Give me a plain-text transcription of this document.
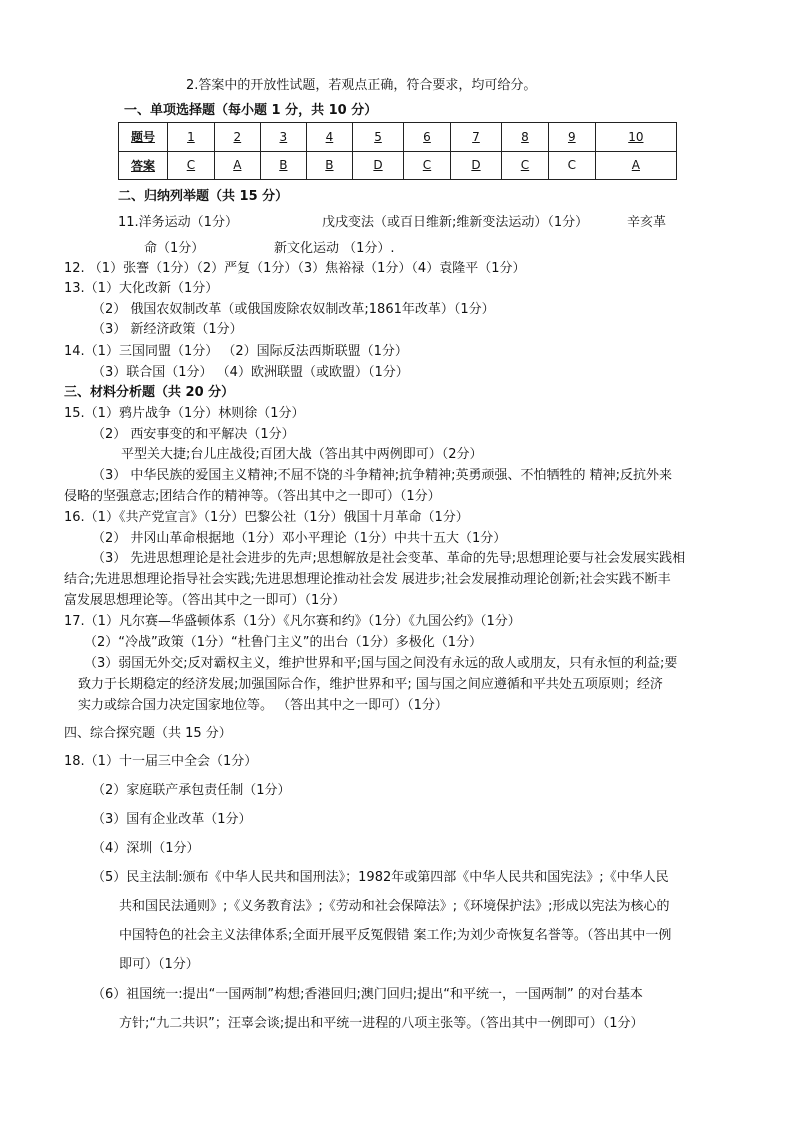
2.答案中的开放性试题，若观点正确，符合要求，均可给分。
一、单项选择题（每小题 1 分，共 10 分）
题号	1	2	3	4	5	6	7	8	9	10
答案	C	A	B	B	D	C	D	C	C	A
二、归纳列举题（共 15 分）
11.洋务运动（1分）	戊戌变法（或百日维新;维新变法运动）（1分）	辛亥革
命（1分）	新文化运动 （1分）.
12. （1）张謇（1分）（2）严复（1分）（3）焦裕禄（1分）（4）袁隆平（1分）
13.（1）大化改新（1分）
（2） 俄国农奴制改革（或俄国废除农奴制改革;1861年改革）（1分）
（3） 新经济政策（1分）
14.（1）三国同盟（1分） （2）国际反法西斯联盟（1分）
（3）联合国（1分） （4）欧洲联盟（或欧盟）（1分）
三、材料分析题（共 20 分）
15.（1）鸦片战争（1分）林则徐（1分）
（2） 西安事变的和平解决（1分）
平型关大捷;台儿庄战役;百团大战（答出其中两例即可）（2分）
（3） 中华民族的爱国主义精神;不屈不饶的斗争精神;抗争精神;英勇顽强、不怕牺牲的 精神;反抗外来
侵略的坚强意志;团结合作的精神等。（答出其中之一即可）（1分）
16.（1）《共产党宣言》（1分）巴黎公社（1分）俄国十月革命（1分）
（2） 井冈山革命根据地（1分）邓小平理论（1分）中共十五大（1分）
（3） 先进思想理论是社会进步的先声;思想解放是社会变革、革命的先导;思想理论要与社会发展实践相
结合;先进思想理论指导社会实践;先进思想理论推动社会发 展进步;社会发展推动理论创新;社会实践不断丰
富发展思想理论等。（答出其中之一即可）（1分）
17.（1）凡尔赛—华盛顿体系（1分）《凡尔赛和约》（1分）《九国公约》（1分）
（2）“冷战”政策（1分）“杜鲁门主义”的出台（1分）多极化（1分）
（3）弱国无外交;反对霸权主义，维护世界和平;国与国之间没有永远的敌人或朋友，只有永恒的利益;要
致力于长期稳定的经济发展;加强国际合作，维护世界和平; 国与国之间应遵循和平共处五项原则；经济
实力或综合国力决定国家地位等。 （答出其中之一即可）（1分）
四、综合探究题（共 15 分）
18.（1）十一届三中全会（1分）
（2）家庭联产承包责任制（1分）
（3）国有企业改革（1分）
（4）深圳（1分）
（5）民主法制:颁布《中华人民共和国刑法》；1982年或第四部《中华人民共和国宪法》;《中华人民
共和国民法通则》;《义务教育法》;《劳动和社会保障法》;《环境保护法》;形成以宪法为核心的
中国特色的社会主义法律体系;全面开展平反冤假错 案工作;为刘少奇恢复名誉等。（答出其中一例
即可）（1分）
（6）祖国统一:提出“一国两制”构想;香港回归;澳门回归;提出“和平统一，一国两制” 的对台基本
方针;“九二共识”；汪辜会谈;提出和平统一进程的八项主张等。（答出其中一例即可）（1分）
